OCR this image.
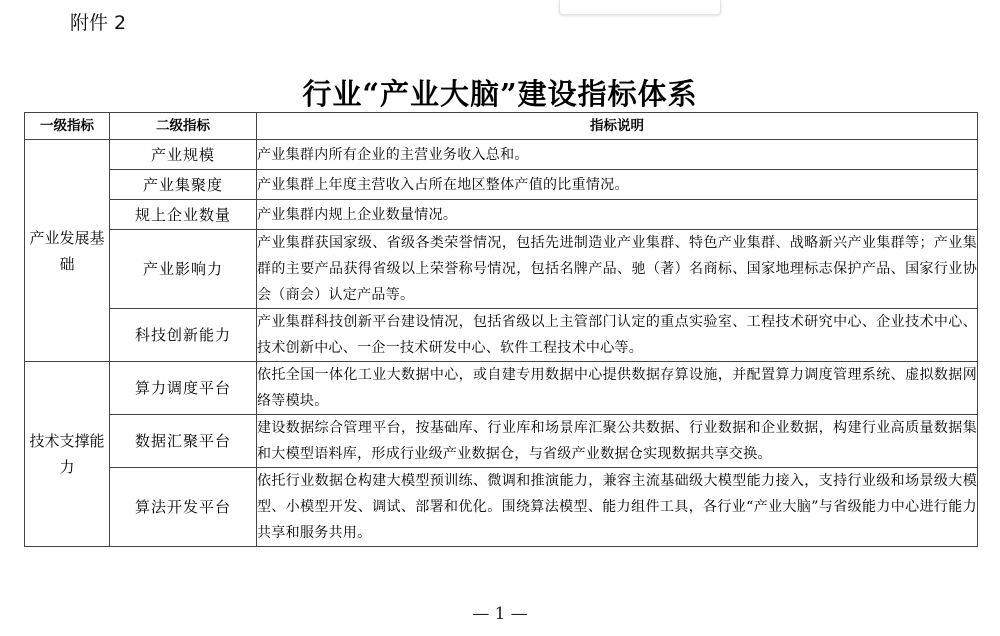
附件 2
行业“产业大脑”建设指标体系
一级指标	二级指标	指标说明
产业发展基础	产业规模	产业集群内所有企业的主营业务收入总和。
	产业集聚度	产业集群上年度主营收入占所在地区整体产值的比重情况。
	规上企业数量	产业集群内规上企业数量情况。
	产业影响力	产业集群获国家级、省级各类荣誉情况，包括先进制造业产业集群、特色产业集群、战略新兴产业集群等；产业集群的主要产品获得省级以上荣誉称号情况，包括名牌产品、驰（著）名商标、国家地理标志保护产品、国家行业协会（商会）认定产品等。
	科技创新能力	产业集群科技创新平台建设情况，包括省级以上主管部门认定的重点实验室、工程技术研究中心、企业技术中心、技术创新中心、一企一技术研发中心、软件工程技术中心等。
技术支撑能力	算力调度平台	依托全国一体化工业大数据中心，或自建专用数据中心提供数据存算设施，并配置算力调度管理系统、虚拟数据网络等模块。
	数据汇聚平台	建设数据综合管理平台，按基础库、行业库和场景库汇聚公共数据、行业数据和企业数据，构建行业高质量数据集和大模型语料库，形成行业级产业数据仓，与省级产业数据仓实现数据共享交换。
	算法开发平台	依托行业数据仓构建大模型预训练、微调和推演能力，兼容主流基础级大模型能力接入，支持行业级和场景级大模型、小模型开发、调试、部署和优化。围绕算法模型、能力组件工具，各行业“产业大脑”与省级能力中心进行能力共享和服务共用。
— 1 —
